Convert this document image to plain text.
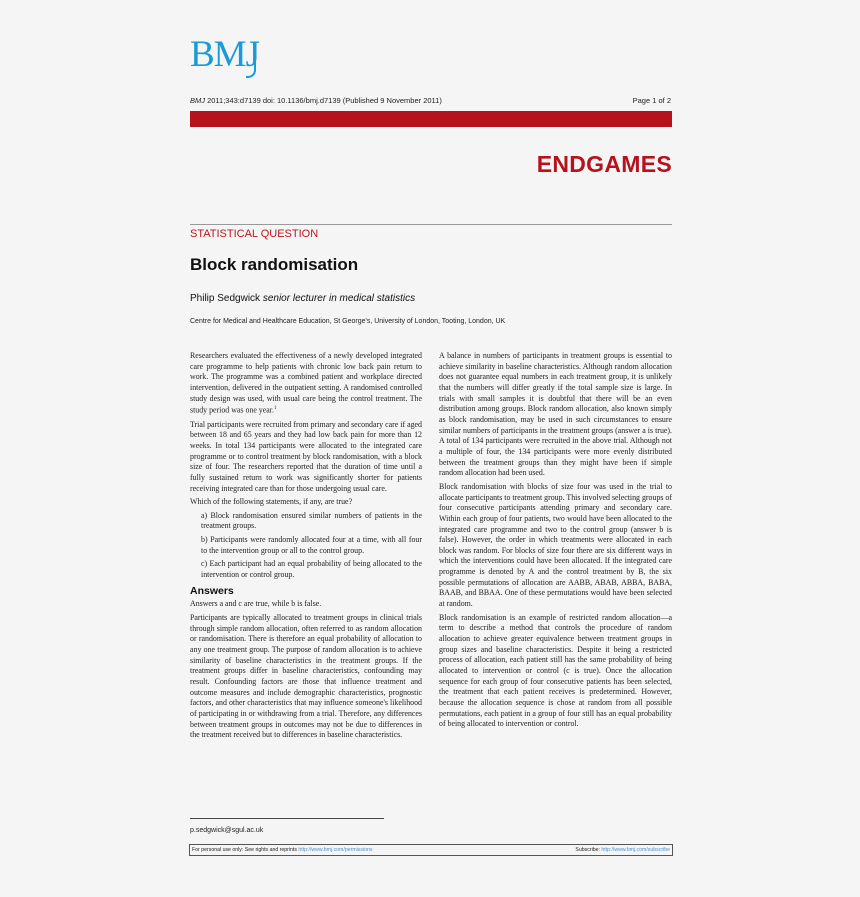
BMJ
BMJ 2011;343:d7139 doi: 10.1136/bmj.d7139 (Published 9 November 2011)	Page 1 of 2
ENDGAMES
STATISTICAL QUESTION
Block randomisation
Philip Sedgwick senior lecturer in medical statistics
Centre for Medical and Healthcare Education, St George's, University of London, Tooting, London, UK

Researchers evaluated the effectiveness of a newly developed integrated care programme to help patients with chronic low back pain return to work. The programme was a combined patient and workplace directed intervention, delivered in the outpatient setting. A randomised controlled study design was used, with usual care being the control treatment. The study period was one year.$^1$

Trial participants were recruited from primary and secondary care if aged between 18 and 65 years and they had low back pain for more than 12 weeks. In total 134 participants were allocated to the integrated care programme or to control treatment by block randomisation, with a block size of four. The researchers reported that the duration of time until a fully sustained return to work was significantly shorter for patients receiving integrated care than for those undergoing usual care.

Which of the following statements, if any, are true?

a) Block randomisation ensured similar numbers of patients in the treatment groups.

b) Participants were randomly allocated four at a time, with all four to the intervention group or all to the control group.

c) Each participant had an equal probability of being allocated to the intervention or control group.

Answers

Answers a and c are true, while b is false.

Participants are typically allocated to treatment groups in clinical trials through simple random allocation, often referred to as random allocation or randomisation. There is therefore an equal probability of allocation to any one treatment group. The purpose of random allocation is to achieve similarity of baseline characteristics in the treatment groups. If the treatment groups differ in baseline characteristics, confounding may result. Confounding factors are those that influence treatment and outcome measures and include demographic characteristics, prognostic factors, and other characteristics that may influence someone's likelihood of participating in or withdrawing from a trial. Therefore, any differences between treatment groups in outcomes may not be due to differences in the treatment received but to differences in baseline characteristics.

A balance in numbers of participants in treatment groups is essential to achieve similarity in baseline characteristics. Although random allocation does not guarantee equal numbers in each treatment group, it is unlikely that the numbers will differ greatly if the total sample size is large. In trials with small samples it is doubtful that there will be an even distribution among groups. Block random allocation, also known simply as block randomisation, may be used in such circumstances to ensure similar numbers of participants in the treatment groups (answer a is true). A total of 134 participants were recruited in the above trial. Although not a multiple of four, the 134 participants were more evenly distributed between the treatment groups than they might have been if simple random allocation had been used.

Block randomisation with blocks of size four was used in the trial to allocate participants to treatment group. This involved selecting groups of four consecutive participants attending primary and secondary care. Within each group of four patients, two would have been allocated to the integrated care programme and two to the control group (answer b is false). However, the order in which treatments were allocated in each block was random. For blocks of size four there are six different ways in which the interventions could have been allocated. If the integrated care programme is denoted by A and the control treatment by B, the six possible permutations of allocation are AABB, ABAB, ABBA, BABA, BAAB, and BBAA. One of these permutations would have been selected at random.

Block randomisation is an example of restricted random allocation—a term to describe a method that controls the procedure of random allocation to achieve greater equivalence between treatment groups in group sizes and baseline characteristics. Despite it being a restricted process of allocation, each patient still has the same probability of being allocated to intervention or control (c is true). Once the allocation sequence for each group of four consecutive patients has been selected, the treatment that each patient receives is predetermined. However, because the allocation sequence is chose at random from all possible permutations, each patient in a group of four still has an equal probability of being allocated to intervention or control.

p.sedgwick@sgul.ac.uk
For personal use only: See rights and reprints http://www.bmj.com/permissions	Subscribe: http://www.bmj.com/subscribe
